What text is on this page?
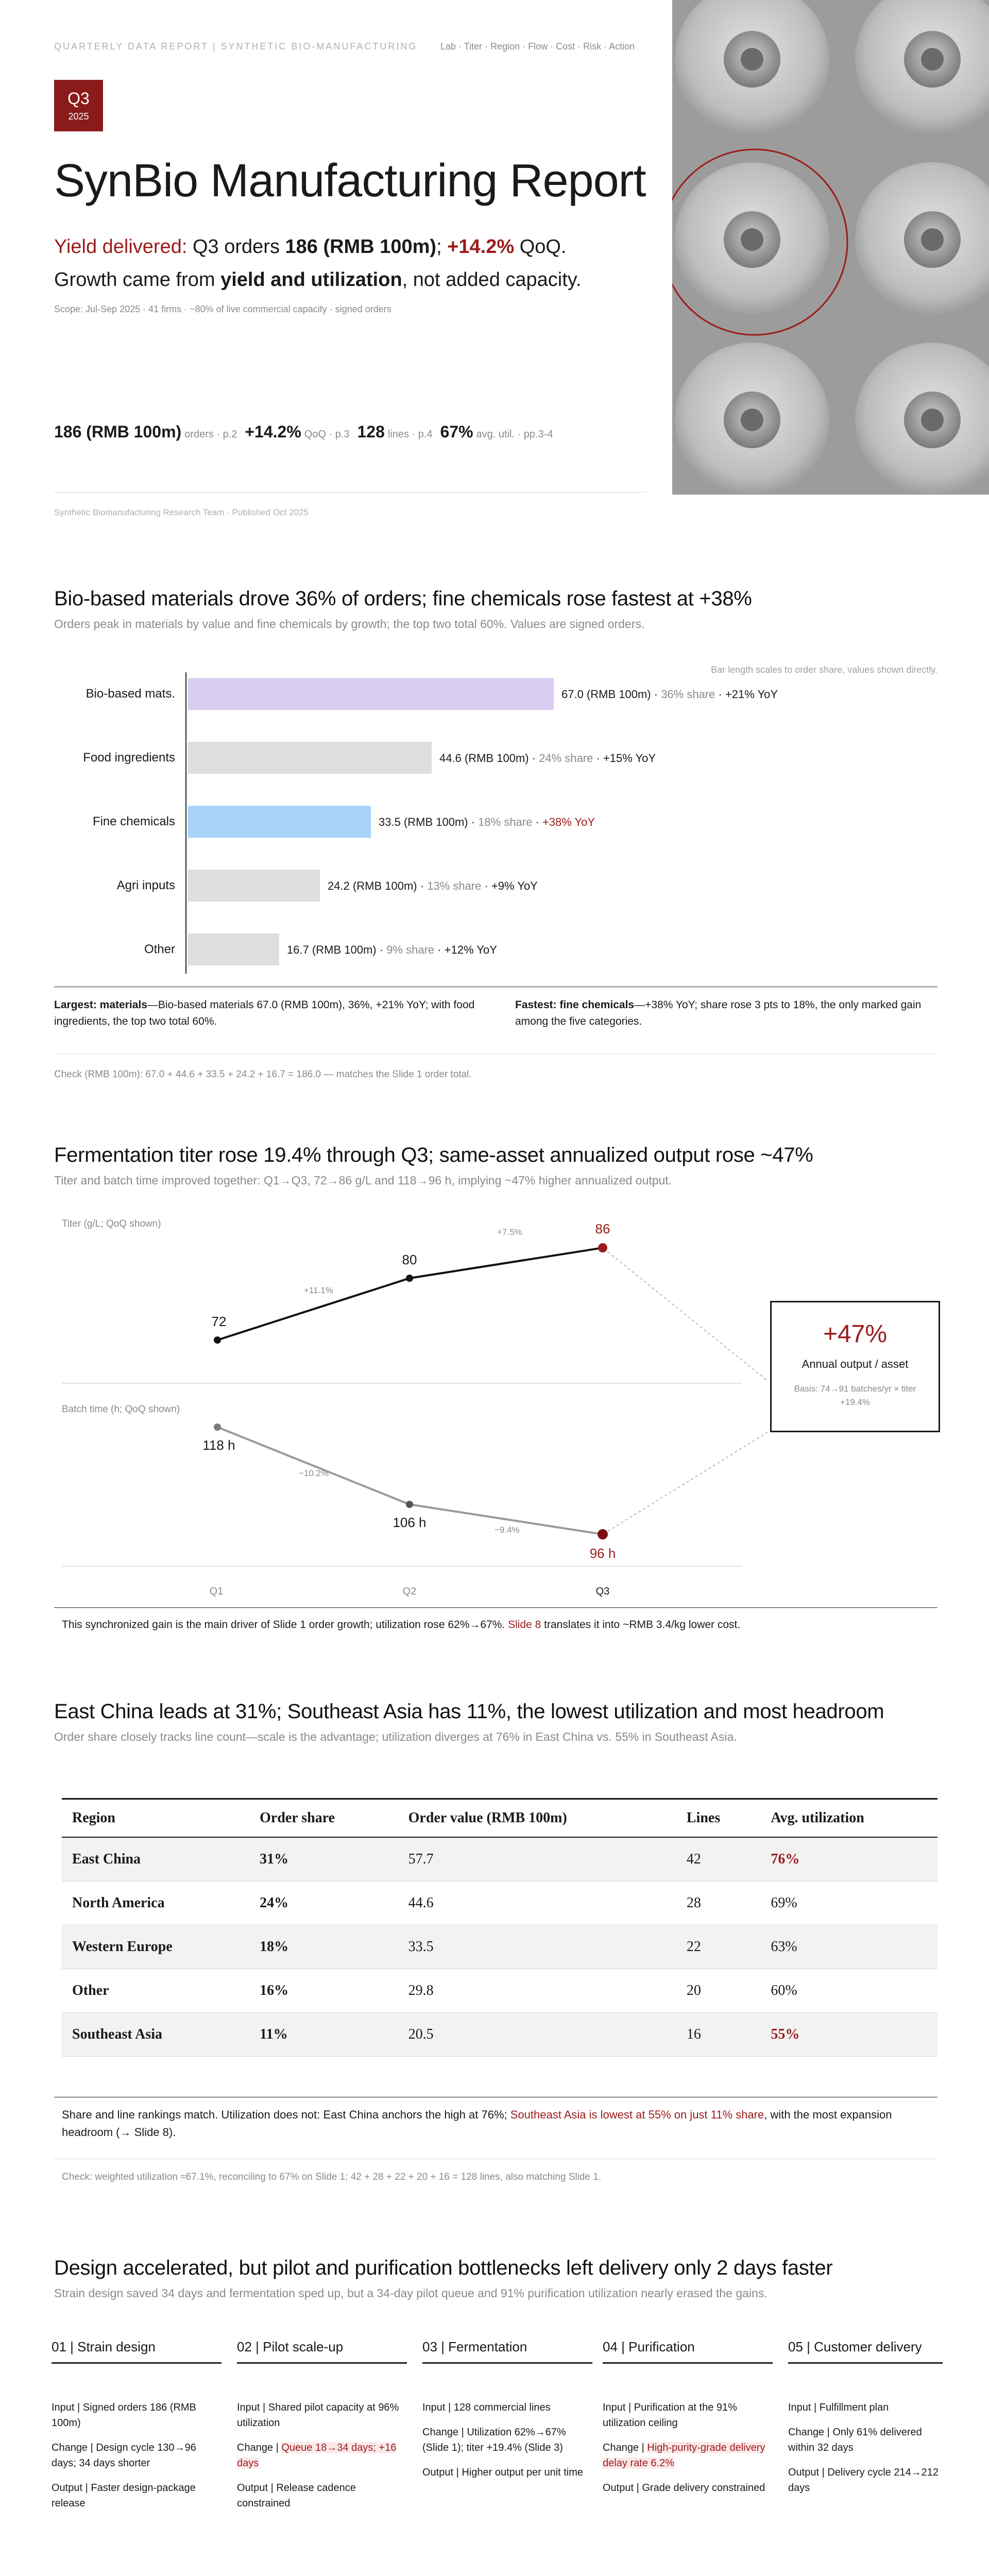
QUARTERLY DATA REPORT | SYNTHETIC BIO-MANUFACTURING Lab · Titer · Region · Flow · Cost · Risk · Action
Q3
2025
SynBio Manufacturing Report
Yield delivered: Q3 orders 186 (RMB 100m); +14.2% QoQ.
Growth came from yield and utilization, not added capacity.
Scope: Jul-Sep 2025 · 41 firms · ~80% of live commercial capacity · signed orders
186 (RMB 100m) orders · p.2 +14.2% QoQ · p.3 128 lines · p.4 67% avg. util. · pp.3-4
Synthetic Biomanufacturing Research Team · Published Oct 2025
Bio-based materials drove 36% of orders; fine chemicals rose fastest at +38%
Orders peak in materials by value and fine chemicals by growth; the top two total 60%. Values are signed orders.
Bar length scales to order share, values shown directly.
Bio-based mats.	67.0 (RMB 100m) · 36% share · +21% YoY
Food ingredients	44.6 (RMB 100m) · 24% share · +15% YoY
Fine chemicals	33.5 (RMB 100m) · 18% share · +38% YoY
Agri inputs	24.2 (RMB 100m) · 13% share · +9% YoY
Other	16.7 (RMB 100m) · 9% share · +12% YoY
Largest: materials—Bio-based materials 67.0 (RMB 100m), 36%, +21% YoY; with food ingredients, the top two total 60%.
Fastest: fine chemicals—+38% YoY; share rose 3 pts to 18%, the only marked gain among the five categories.
Check (RMB 100m): 67.0 + 44.6 + 33.5 + 24.2 + 16.7 = 186.0 — matches the Slide 1 order total.
Fermentation titer rose 19.4% through Q3; same-asset annualized output rose ~47%
Titer and batch time improved together: Q1→Q3, 72→86 g/L and 118→96 h, implying ~47% higher annualized output.
Titer (g/L; QoQ shown)
Batch time (h; QoQ shown)
72
80
86
+11.1%
+7.5%
118 h
106 h
96 h
−10.2%
−9.4%
Q1	Q2	Q3
+47%
Annual output / asset
Basis: 74→91 batches/yr × titer +19.4%
This synchronized gain is the main driver of Slide 1 order growth; utilization rose 62%→67%. Slide 8 translates it into ~RMB 3.4/kg lower cost.
East China leads at 31%; Southeast Asia has 11%, the lowest utilization and most headroom
Order share closely tracks line count—scale is the advantage; utilization diverges at 76% in East China vs. 55% in Southeast Asia.
Region	Order share	Order value (RMB 100m)	Lines	Avg. utilization
East China	31%	57.7	42	76%
North America	24%	44.6	28	69%
Western Europe	18%	33.5	22	63%
Other	16%	29.8	20	60%
Southeast Asia	11%	20.5	16	55%
Share and line rankings match. Utilization does not: East China anchors the high at 76%; Southeast Asia is lowest at 55% on just 11% share, with the most expansion headroom (→ Slide 8).
Check: weighted utilization ≈67.1%, reconciling to 67% on Slide 1; 42 + 28 + 22 + 20 + 16 = 128 lines, also matching Slide 1.
Design accelerated, but pilot and purification bottlenecks left delivery only 2 days faster
Strain design saved 34 days and fermentation sped up, but a 34-day pilot queue and 91% purification utilization nearly erased the gains.
01 | Strain design
Input | Signed orders 186 (RMB 100m)
Change | Design cycle 130→96 days; 34 days shorter
Output | Faster design-package release
02 | Pilot scale-up
Input | Shared pilot capacity at 96% utilization
Change | Queue 18→34 days; +16 days
Output | Release cadence constrained
03 | Fermentation
Input | 128 commercial lines
Change | Utilization 62%→67% (Slide 1); titer +19.4% (Slide 3)
Output | Higher output per unit time
04 | Purification
Input | Purification at the 91% utilization ceiling
Change | High-purity-grade delivery delay rate 6.2%
Output | Grade delivery constrained
05 | Customer delivery
Input | Fulfillment plan
Change | Only 61% delivered within 32 days
Output | Delivery cycle 214→212 days
